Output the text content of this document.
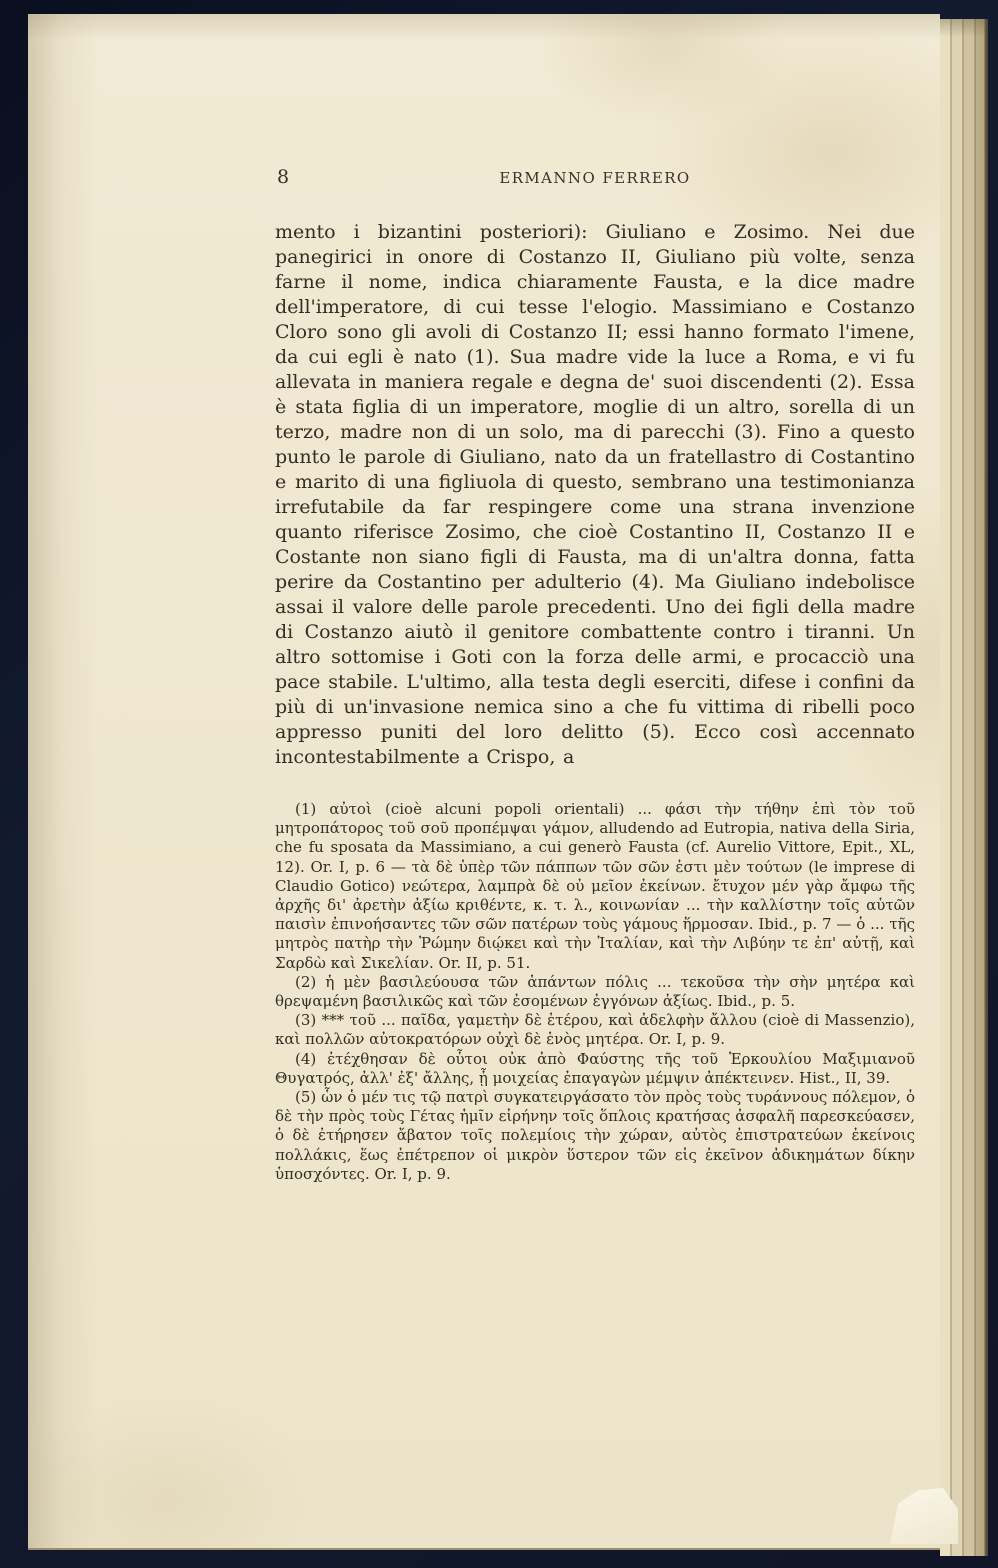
8	ERMANNO FERRERO

mento i bizantini posteriori): Giuliano e Zosimo. Nei due panegirici in onore di Costanzo II, Giuliano più volte, senza farne il nome, indica chiaramente Fausta, e la dice madre dell'imperatore, di cui tesse l'elogio. Massimiano e Costanzo Cloro sono gli avoli di Costanzo II; essi hanno formato l'imene, da cui egli è nato (1). Sua madre vide la luce a Roma, e vi fu allevata in maniera regale e degna de' suoi discendenti (2). Essa è stata figlia di un imperatore, moglie di un altro, sorella di un terzo, madre non di un solo, ma di parecchi (3). Fino a questo punto le parole di Giuliano, nato da un fratellastro di Costantino e marito di una figliuola di questo, sembrano una testimonianza irrefutabile da far respingere come una strana invenzione quanto riferisce Zosimo, che cioè Costantino II, Costanzo II e Costante non siano figli di Fausta, ma di un'altra donna, fatta perire da Costantino per adulterio (4). Ma Giuliano indebolisce assai il valore delle parole precedenti. Uno dei figli della madre di Costanzo aiutò il genitore combattente contro i tiranni. Un altro sottomise i Goti con la forza delle armi, e procacciò una pace stabile. L'ultimo, alla testa degli eserciti, difese i confini da più di un'invasione nemica sino a che fu vittima di ribelli poco appresso puniti del loro delitto (5). Ecco così accennato incontestabilmente a Crispo, a

(1) αὐτοὶ (cioè alcuni popoli orientali) ... φάσι τὴν τήθην ἐπὶ τὸν τοῦ μητροπάτορος τοῦ σοῦ προπέμψαι γάμον, alludendo ad Eutropia, nativa della Siria, che fu sposata da Massimiano, a cui generò Fausta (cf. Aurelio Vittore, Epit., XL, 12). Or. I, p. 6 — τὰ δὲ ὑπὲρ τῶν πάππων τῶν σῶν ἐστι μὲν τούτων (le imprese di Claudio Gotico) νεώτερα, λαμπρὰ δὲ οὐ μεῖον ἐκείνων. ἔτυχον μέν γὰρ ἄμφω τῆς ἀρχῆς δι' ἀρετὴν ἀξίω κριθέντε, κ. τ. λ., κοινωνίαν ... τὴν καλλίστην τοῖς αὑτῶν παισὶν ἐπινοήσαντες τῶν σῶν πατέρων τοὺς γάμους ἥρμοσαν. Ibid., p. 7 — ὁ ... τῆς μητρὸς πατὴρ τὴν Ῥώμην διῴκει καὶ τὴν Ἰταλίαν, καὶ τὴν Λιβύην τε ἐπ' αὐτῇ, καὶ Σαρδὼ καὶ Σικελίαν. Or. II, p. 51.

(2) ἡ μὲν βασιλεύουσα τῶν ἁπάντων πόλις ... τεκοῦσα τὴν σὴν μητέρα καὶ θρεψαμένη βασιλικῶς καὶ τῶν ἐσομένων ἐγγόνων ἀξίως. Ibid., p. 5.

(3) *** τοῦ ... παῖδα, γαμετὴν δὲ ἑτέρου, καὶ ἀδελφὴν ἄλλου (cioè di Massenzio), καὶ πολλῶν αὐτοκρατόρων οὐχὶ δὲ ἑνὸς μητέρα. Or. I, p. 9.

(4) ἐτέχθησαν δὲ οὗτοι οὐκ ἀπὸ Φαύστης τῆς τοῦ Ἑρκουλίου Μαξιμιανοῦ Θυγατρός, ἀλλ' ἐξ' ἄλλης, ᾗ μοιχείας ἐπαγαγὼν μέμψιν ἀπέκτεινεν. Hist., II, 39.

(5) ὧν ὁ μέν τις τῷ πατρὶ συγκατειργάσατο τὸν πρὸς τοὺς τυράννους πόλεμον, ὁ δὲ τὴν πρὸς τοὺς Γέτας ἡμῖν εἰρήνην τοῖς ὅπλοις κρατήσας ἀσφαλῆ παρεσκεύασεν, ὁ δὲ ἐτήρησεν ἄβατον τοῖς πολεμίοις τὴν χώραν, αὐτὸς ἐπιστρατεύων ἐκείνοις πολλάκις, ἕως ἐπέτρεπον οἱ μικρὸν ὕστερον τῶν εἰς ἐκεῖνον ἀδικημάτων δίκην ὑποσχόντες. Or. I, p. 9.
